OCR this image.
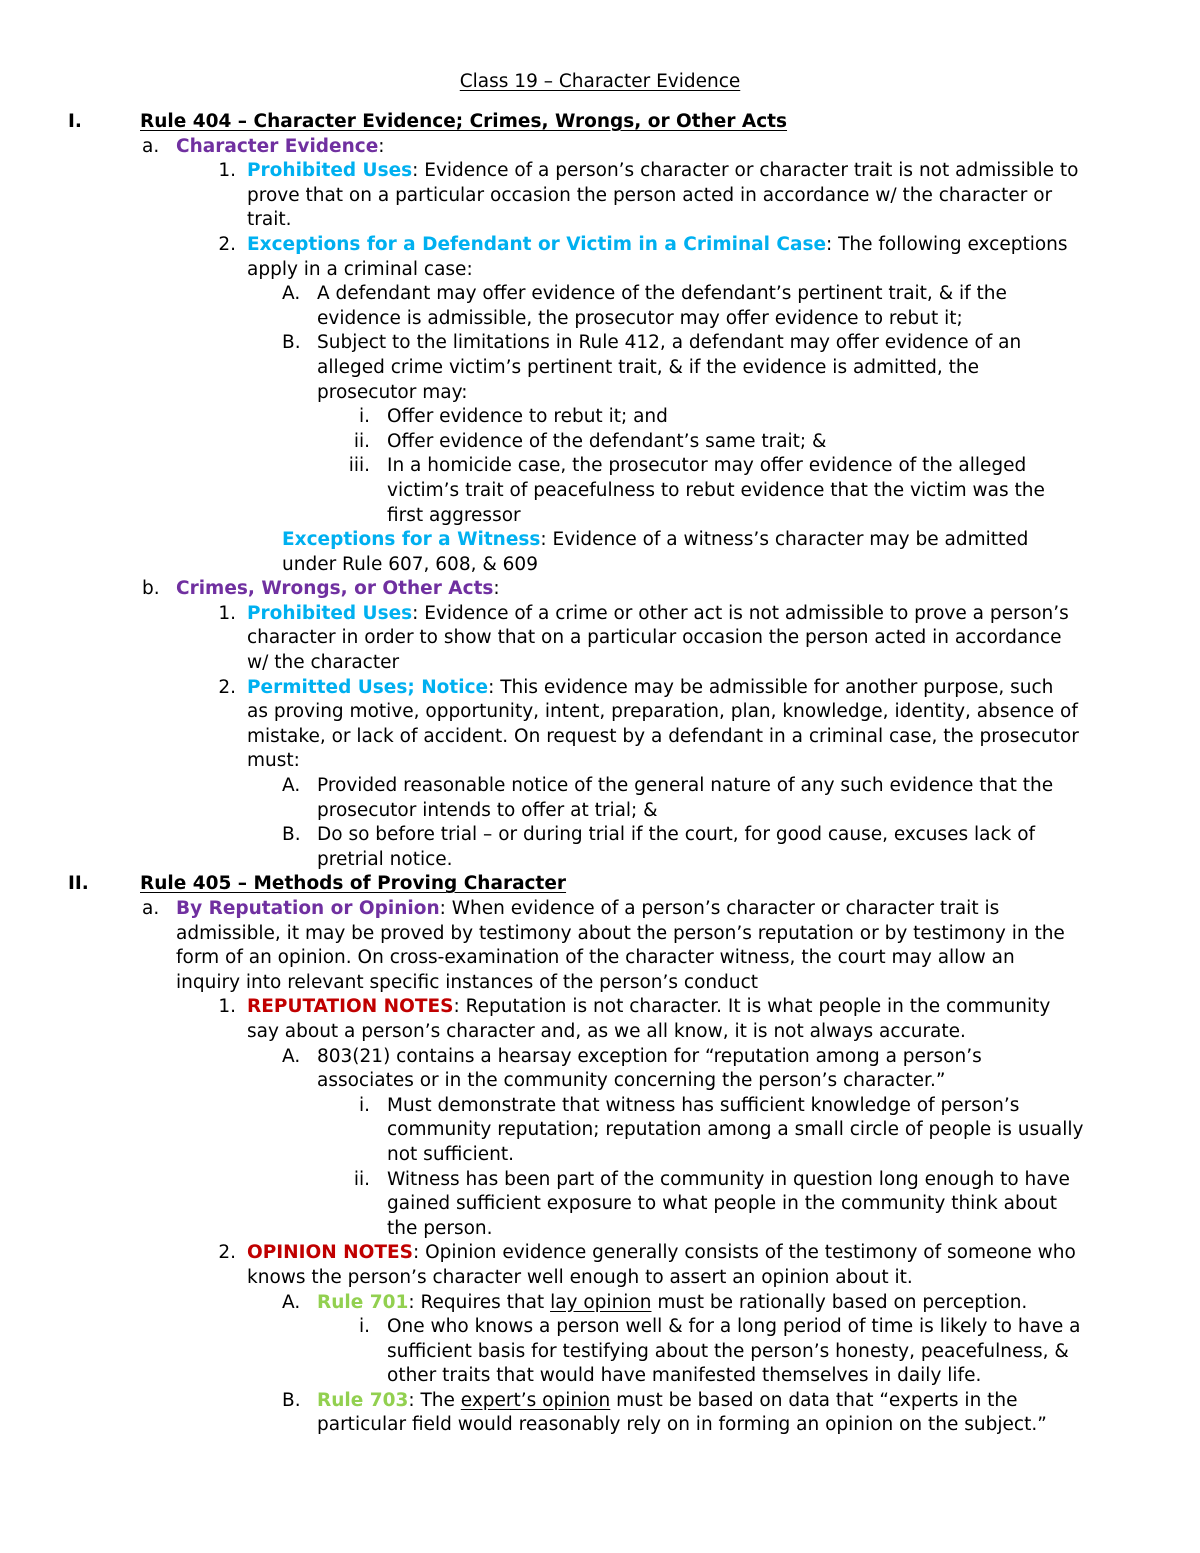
Class 19 – Character Evidence
I.	Rule 404 – Character Evidence; Crimes, Wrongs, or Other Acts
a. Character Evidence:
1. Prohibited Uses: Evidence of a person’s character or character trait is not admissible to
prove that on a particular occasion the person acted in accordance w/ the character or
trait.
2. Exceptions for a Defendant or Victim in a Criminal Case: The following exceptions
apply in a criminal case:
A. A defendant may offer evidence of the defendant’s pertinent trait, & if the
evidence is admissible, the prosecutor may offer evidence to rebut it;
B. Subject to the limitations in Rule 412, a defendant may offer evidence of an
alleged crime victim’s pertinent trait, & if the evidence is admitted, the
prosecutor may:
i. Offer evidence to rebut it; and
ii. Offer evidence of the defendant’s same trait; &
iii. In a homicide case, the prosecutor may offer evidence of the alleged
victim’s trait of peacefulness to rebut evidence that the victim was the
first aggressor
Exceptions for a Witness: Evidence of a witness’s character may be admitted
under Rule 607, 608, & 609
b. Crimes, Wrongs, or Other Acts:
1. Prohibited Uses: Evidence of a crime or other act is not admissible to prove a person’s
character in order to show that on a particular occasion the person acted in accordance
w/ the character
2. Permitted Uses; Notice: This evidence may be admissible for another purpose, such
as proving motive, opportunity, intent, preparation, plan, knowledge, identity, absence of
mistake, or lack of accident. On request by a defendant in a criminal case, the prosecutor
must:
A. Provided reasonable notice of the general nature of any such evidence that the
prosecutor intends to offer at trial; &
B. Do so before trial – or during trial if the court, for good cause, excuses lack of
pretrial notice.
II.	Rule 405 – Methods of Proving Character
a. By Reputation or Opinion: When evidence of a person’s character or character trait is
admissible, it may be proved by testimony about the person’s reputation or by testimony in the
form of an opinion. On cross-examination of the character witness, the court may allow an
inquiry into relevant specific instances of the person’s conduct
1. REPUTATION NOTES: Reputation is not character. It is what people in the community
say about a person’s character and, as we all know, it is not always accurate.
A. 803(21) contains a hearsay exception for “reputation among a person’s
associates or in the community concerning the person’s character.”
i. Must demonstrate that witness has sufficient knowledge of person’s
community reputation; reputation among a small circle of people is usually
not sufficient.
ii. Witness has been part of the community in question long enough to have
gained sufficient exposure to what people in the community think about
the person.
2. OPINION NOTES: Opinion evidence generally consists of the testimony of someone who
knows the person’s character well enough to assert an opinion about it.
A. Rule 701: Requires that lay opinion must be rationally based on perception.
i. One who knows a person well & for a long period of time is likely to have a
sufficient basis for testifying about the person’s honesty, peacefulness, &
other traits that would have manifested themselves in daily life.
B. Rule 703: The expert’s opinion must be based on data that “experts in the
particular field would reasonably rely on in forming an opinion on the subject.”
